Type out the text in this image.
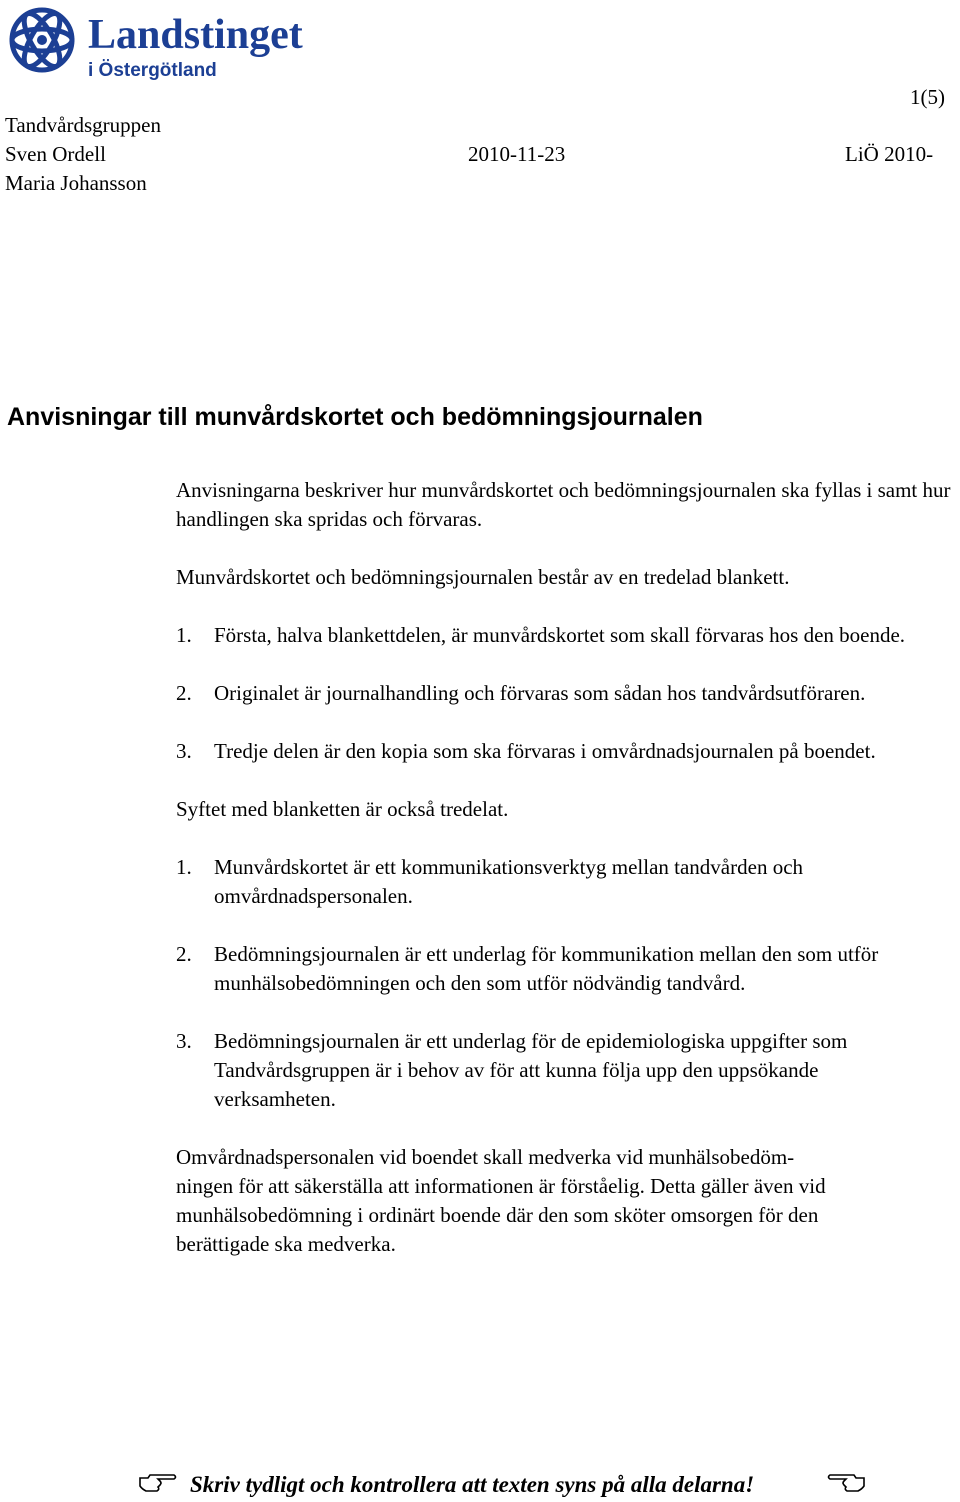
Landstinget
i Östergötland
1(5)
Tandvårdsgruppen
Sven Ordell	2010-11-23	LiÖ 2010-
Maria Johansson
Anvisningar till munvårdskortet och bedömningsjournalen

Anvisningarna beskriver hur munvårdskortet och bedömningsjournalen ska fyllas i samt hur handlingen ska spridas och förvaras.

Munvårdskortet och bedömningsjournalen består av en tredelad blankett.

1. Första, halva blankettdelen, är munvårdskortet som skall förvaras hos den boende.
2. Originalet är journalhandling och förvaras som sådan hos tandvårdsutföraren.
3. Tredje delen är den kopia som ska förvaras i omvårdnadsjournalen på boendet.

Syftet med blanketten är också tredelat.

1. Munvårdskortet är ett kommunikationsverktyg mellan tandvården och omvårdnadspersonalen.
2. Bedömningsjournalen är ett underlag för kommunikation mellan den som utför munhälsobedömningen och den som utför nödvändig tandvård.
3. Bedömningsjournalen är ett underlag för de epidemiologiska uppgifter som Tandvårdsgruppen är i behov av för att kunna följa upp den uppsökande verksamheten.
Omvårdnadspersonalen vid boendet skall medverka vid munhälsobedöm-
ningen för att säkerställa att informationen är förståelig. Detta gäller även vid
munhälsobedömning i ordinärt boende där den som sköter omsorgen för den
berättigade ska medverka.
Skriv tydligt och kontrollera att texten syns på alla delarna!
